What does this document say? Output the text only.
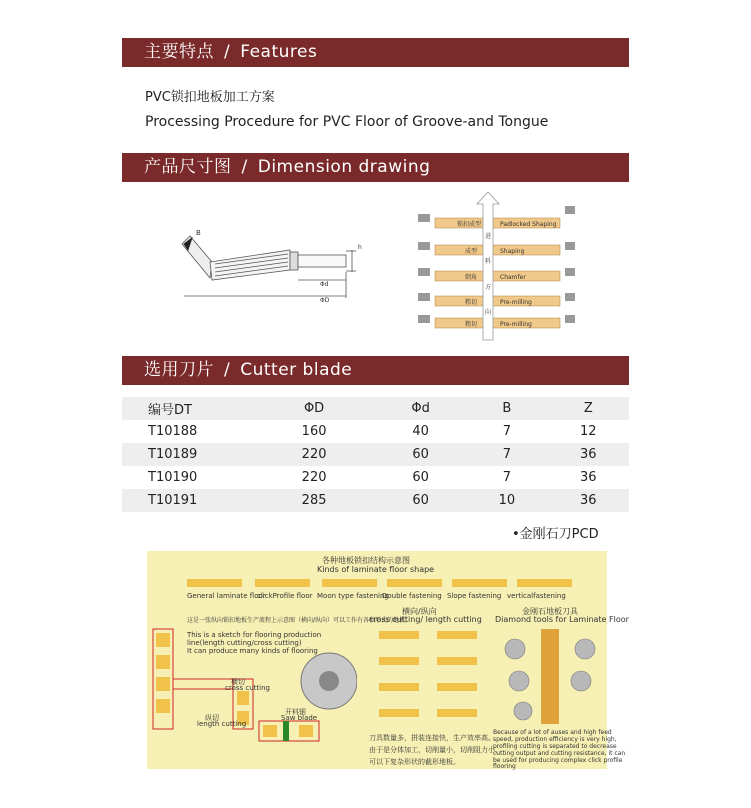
主要特点 / Features
PVC锁扣地板加工方案
Processing Procedure for PVC Floor of Groove-and Tongue
产品尺寸图 / Dimension drawing
B
h
Φd
ΦD
进
料
方
向
锁扣成型	Padlocked Shaping
成型	Shaping
倒角	Chamfer
粗切	Pre-milling
粗切	Pre-milling
选用刀片 / Cutter blade
编号DT	ΦD	Φd	B	Z
T10188	160	40	7	12
T10189	220	60	7	36
T10190	220	60	7	36
T10191	285	60	10	36
•金刚石刀PCD
各种地板锁扣结构示意图
Kinds of laminate floor shape
General laminate floor
clickProfile floor Moon type fastening
Double fastening Slope fastening verticalfastening
这是一张纵向锁扣地板生产流程上示意图（横向/纵向）可以工作有各种形式的地板。
This is a sketch for flooring production
line(length cutting/cross cutting)
It can produce many kinds of flooring
横切
cross cutting
纵切
length cutting
开料锯
Saw blade
横向/纵向
cross cutting/ length cutting
金刚石地板刀具
Diamond tools for Laminate Floor
刀具数量多，拼装连接快，生产效率高。
由于是分体加工，切削量小，切削阻力小，
可以下复杂形状的截形地板。
Because of a lot of auses and high feed
speed, production efficiency is very high,
profiling cutting is separated to decrease
cutting output and cutting resistance, it can
be used for producing complex click profile
flooring
